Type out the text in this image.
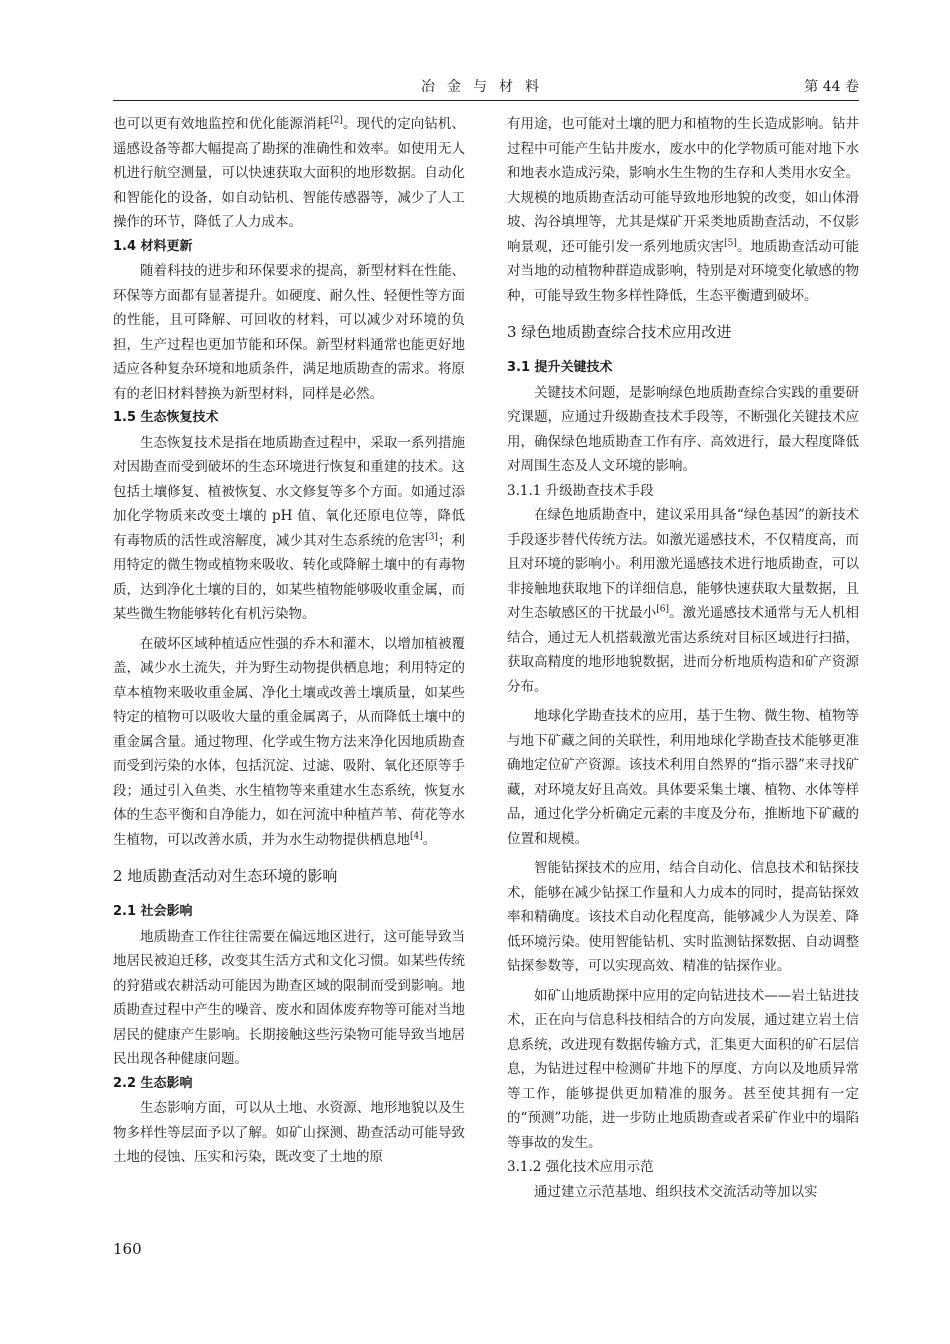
冶金与材料	第 44 卷

也可以更有效地监控和优化能源消耗[2]。现代的定向钻机、遥感设备等都大幅提高了勘探的准确性和效率。如使用无人机进行航空测量，可以快速获取大面积的地形数据。自动化和智能化的设备，如自动钻机、智能传感器等，减少了人工操作的环节，降低了人力成本。

1.4 材料更新

随着科技的进步和环保要求的提高，新型材料在性能、环保等方面都有显著提升。如硬度、耐久性、轻便性等方面的性能，且可降解、可回收的材料，可以减少对环境的负担，生产过程也更加节能和环保。新型材料通常也能更好地适应各种复杂环境和地质条件，满足地质勘查的需求。将原有的老旧材料替换为新型材料，同样是必然。

1.5 生态恢复技术

生态恢复技术是指在地质勘查过程中，采取一系列措施对因勘查而受到破坏的生态环境进行恢复和重建的技术。这包括土壤修复、植被恢复、水文修复等多个方面。如通过添加化学物质来改变土壤的 pH 值、氧化还原电位等，降低有毒物质的活性或溶解度，减少其对生态系统的危害[3]；利用特定的微生物或植物来吸收、转化或降解土壤中的有毒物质，达到净化土壤的目的，如某些植物能够吸收重金属，而某些微生物能够转化有机污染物。

在破坏区域种植适应性强的乔木和灌木，以增加植被覆盖，减少水土流失，并为野生动物提供栖息地；利用特定的草本植物来吸收重金属、净化土壤或改善土壤质量，如某些特定的植物可以吸收大量的重金属离子，从而降低土壤中的重金属含量。通过物理、化学或生物方法来净化因地质勘查而受到污染的水体，包括沉淀、过滤、吸附、氧化还原等手段；通过引入鱼类、水生植物等来重建水生态系统，恢复水体的生态平衡和自净能力，如在河流中种植芦苇、荷花等水生植物，可以改善水质，并为水生动物提供栖息地[4]。

2 地质勘查活动对生态环境的影响
2.1 社会影响

地质勘查工作往往需要在偏远地区进行，这可能导致当地居民被迫迁移，改变其生活方式和文化习惯。如某些传统的狩猎或农耕活动可能因为勘查区域的限制而受到影响。地质勘查过程中产生的噪音、废水和固体废弃物等可能对当地居民的健康产生影响。长期接触这些污染物可能导致当地居民出现各种健康问题。

2.2 生态影响

生态影响方面，可以从土地、水资源、地形地貌以及生物多样性等层面予以了解。如矿山探测、勘查活动可能导致土地的侵蚀、压实和污染，既改变了土地的原

有用途，也可能对土壤的肥力和植物的生长造成影响。钻井过程中可能产生钻井废水，废水中的化学物质可能对地下水和地表水造成污染，影响水生生物的生存和人类用水安全。大规模的地质勘查活动可能导致地形地貌的改变，如山体滑坡、沟谷填埋等，尤其是煤矿开采类地质勘查活动，不仅影响景观，还可能引发一系列地质灾害[5]。地质勘查活动可能对当地的动植物种群造成影响，特别是对环境变化敏感的物种，可能导致生物多样性降低，生态平衡遭到破坏。

3 绿色地质勘查综合技术应用改进
3.1 提升关键技术

关键技术问题，是影响绿色地质勘查综合实践的重要研究课题，应通过升级勘查技术手段等，不断强化关键技术应用，确保绿色地质勘查工作有序、高效进行，最大程度降低对周围生态及人文环境的影响。

3.1.1 升级勘查技术手段

在绿色地质勘查中，建议采用具备“绿色基因”的新技术手段逐步替代传统方法。如激光遥感技术，不仅精度高，而且对环境的影响小。利用激光遥感技术进行地质勘查，可以非接触地获取地下的详细信息，能够快速获取大量数据，且对生态敏感区的干扰最小[6]。激光遥感技术通常与无人机相结合，通过无人机搭载激光雷达系统对目标区域进行扫描，获取高精度的地形地貌数据，进而分析地质构造和矿产资源分布。

地球化学勘查技术的应用，基于生物、微生物、植物等与地下矿藏之间的关联性，利用地球化学勘查技术能够更准确地定位矿产资源。该技术利用自然界的“指示器”来寻找矿藏，对环境友好且高效。具体要采集土壤、植物、水体等样品，通过化学分析确定元素的丰度及分布，推断地下矿藏的位置和规模。

智能钻探技术的应用，结合自动化、信息技术和钻探技术，能够在减少钻探工作量和人力成本的同时，提高钻探效率和精确度。该技术自动化程度高，能够减少人为误差、降低环境污染。使用智能钻机、实时监测钻探数据、自动调整钻探参数等，可以实现高效、精准的钻探作业。

如矿山地质勘探中应用的定向钻进技术——岩土钻进技术，正在向与信息科技相结合的方向发展，通过建立岩土信息系统，改进现有数据传输方式，汇集更大面积的矿石层信息，为钻进过程中检测矿井地下的厚度、方向以及地质异常等工作，能够提供更加精准的服务。甚至使其拥有一定的“预测”功能，进一步防止地质勘查或者采矿作业中的塌陷等事故的发生。

3.1.2 强化技术应用示范

通过建立示范基地、组织技术交流活动等加以实

160
